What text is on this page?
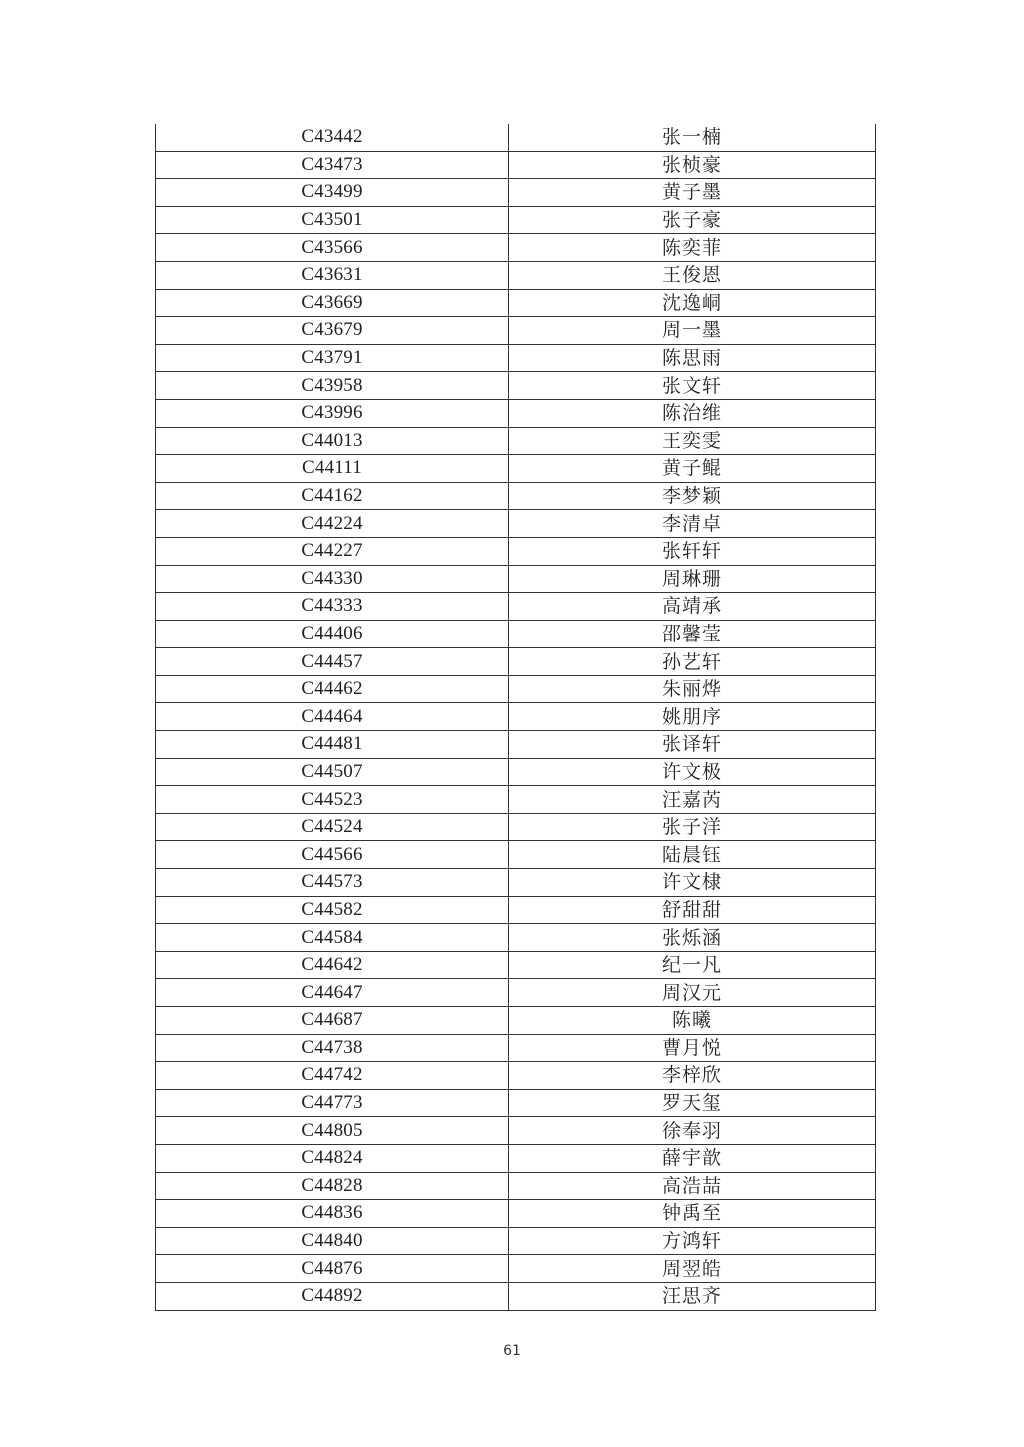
C43442	张一楠
C43473	张桢豪
C43499	黄子墨
C43501	张子豪
C43566	陈奕菲
C43631	王俊恩
C43669	沈逸峒
C43679	周一墨
C43791	陈思雨
C43958	张文轩
C43996	陈治维
C44013	王奕雯
C44111	黄子鲲
C44162	李梦颖
C44224	李清卓
C44227	张轩轩
C44330	周琳珊
C44333	高靖承
C44406	邵馨莹
C44457	孙艺轩
C44462	朱丽烨
C44464	姚朋序
C44481	张译轩
C44507	许文极
C44523	汪嘉芮
C44524	张子洋
C44566	陆晨钰
C44573	许文棣
C44582	舒甜甜
C44584	张烁涵
C44642	纪一凡
C44647	周汉元
C44687	陈曦
C44738	曹月悦
C44742	李梓欣
C44773	罗天玺
C44805	徐奉羽
C44824	薛宇歆
C44828	高浩喆
C44836	钟禹至
C44840	方鸿轩
C44876	周翌皓
C44892	汪思齐
61
